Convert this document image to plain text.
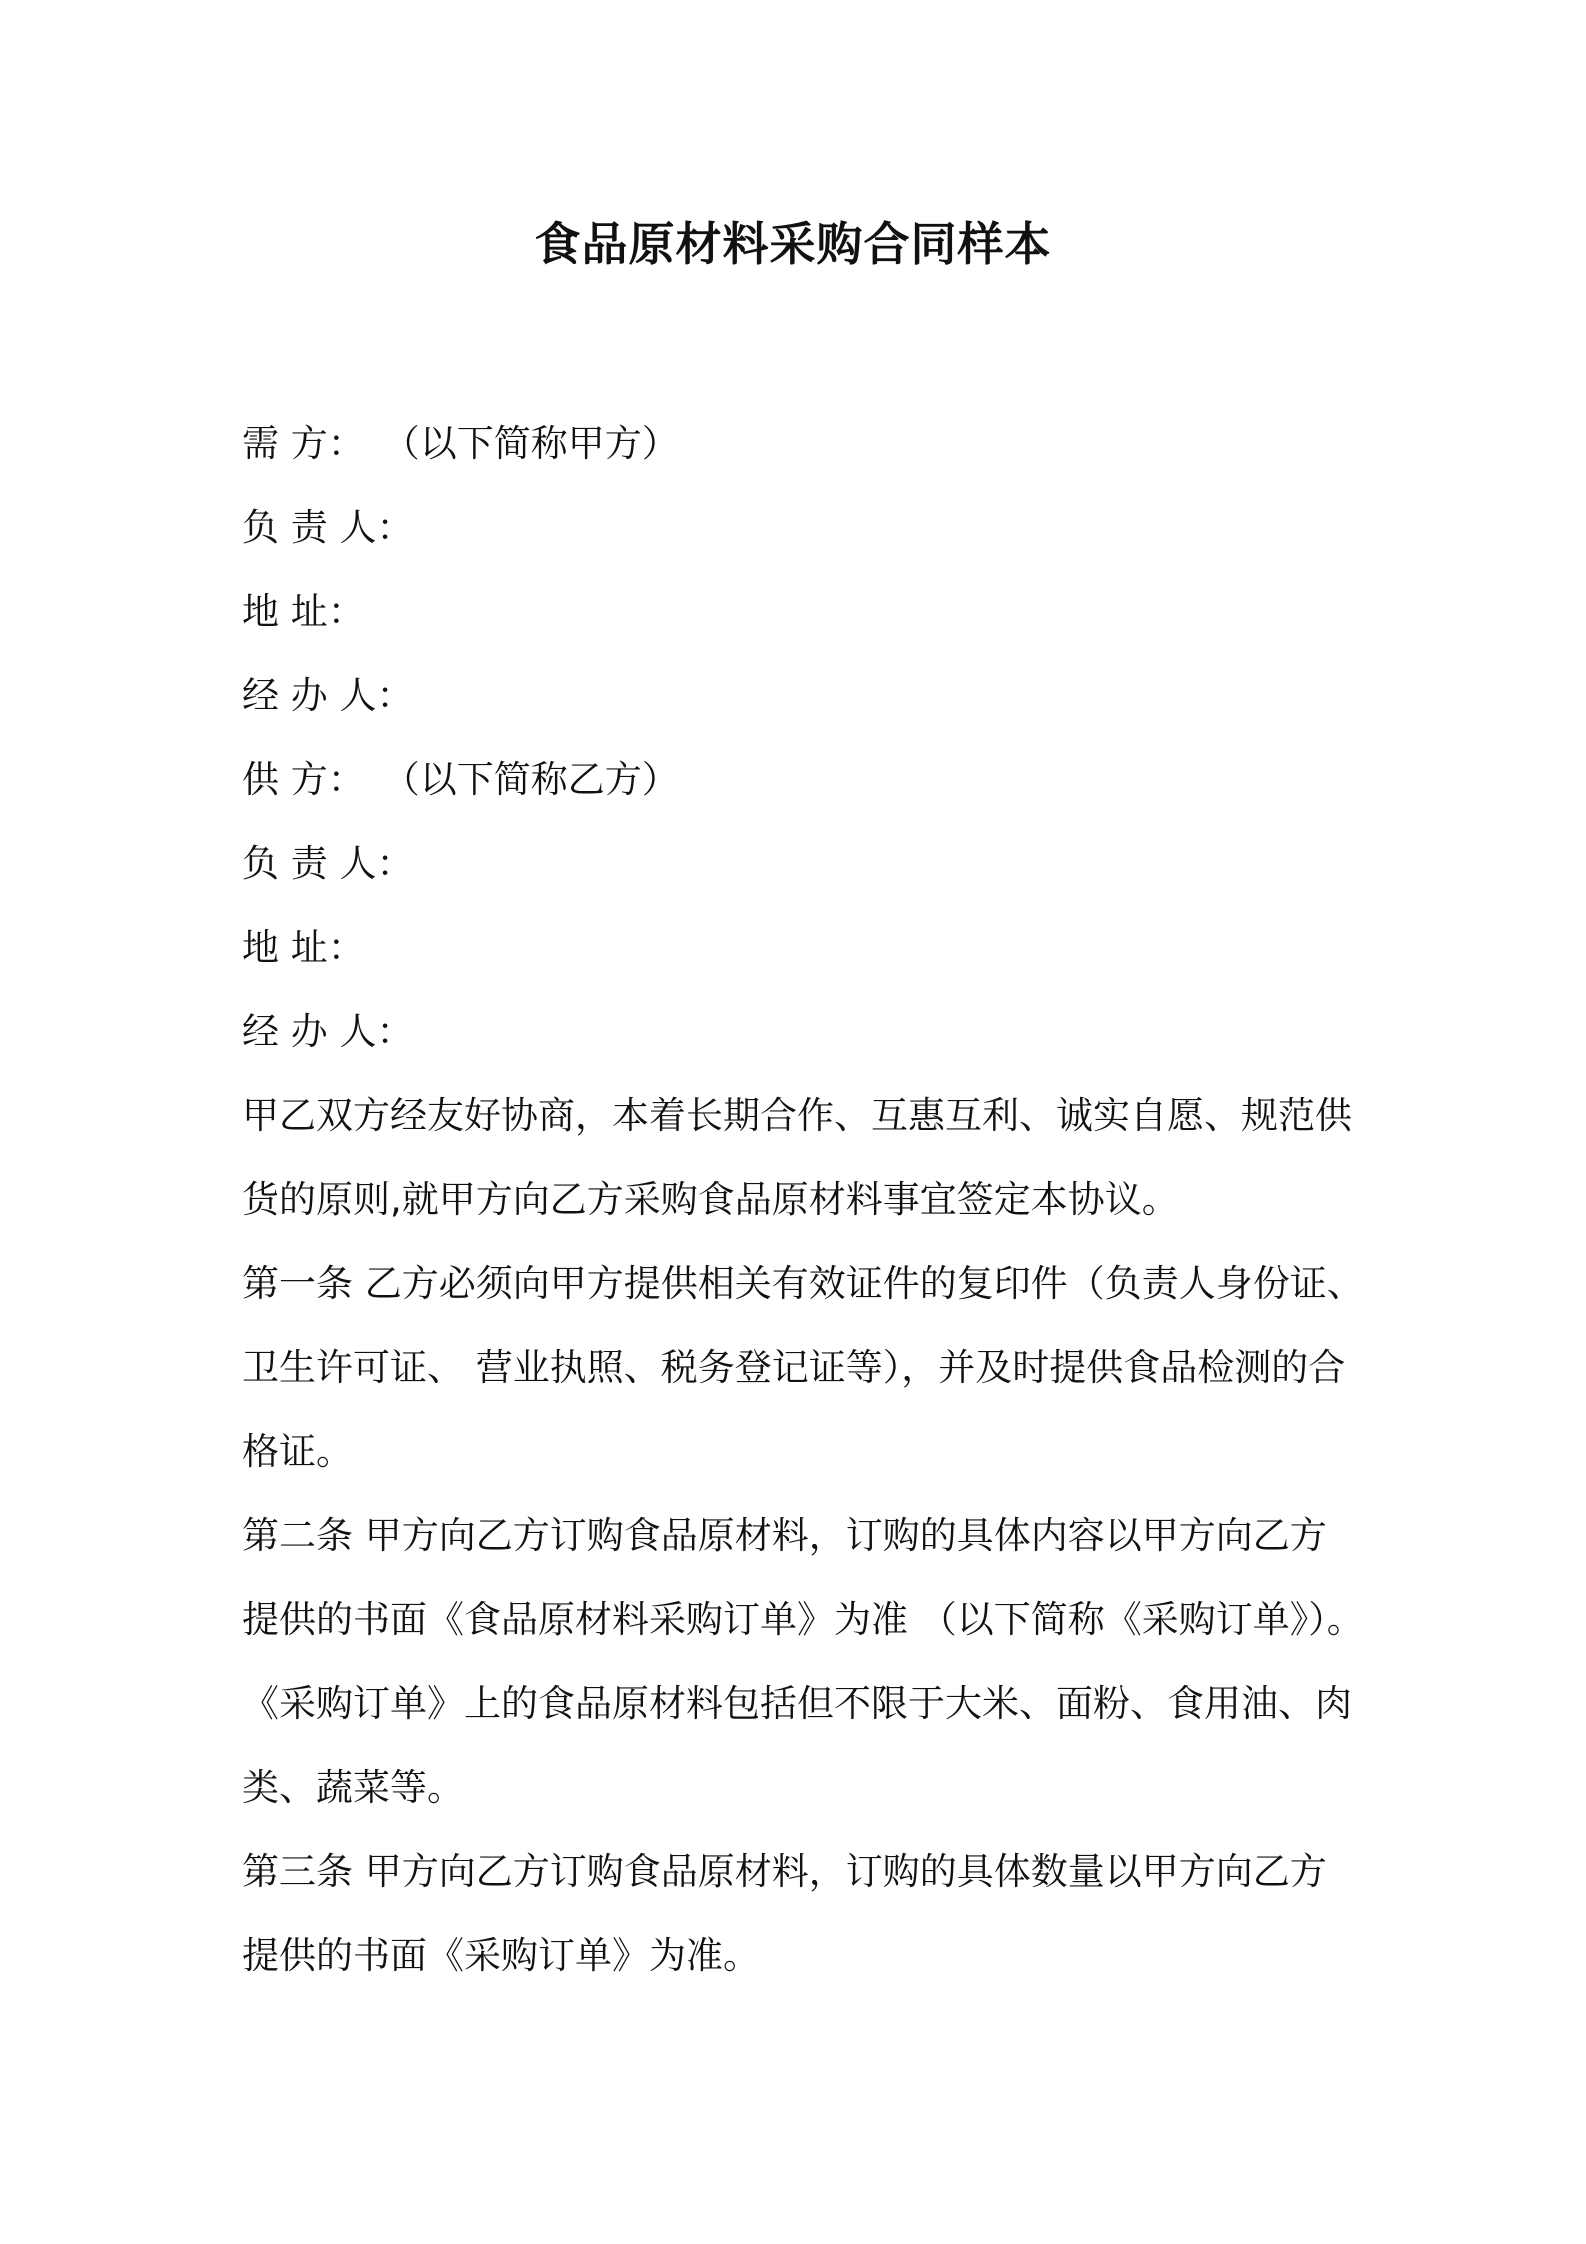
食品原材料采购合同样本
需 方： （以下简称甲方）
负 责 人：
地 址：
经 办 人：
供 方： （以下简称乙方）
负 责 人：
地 址：
经 办 人：
甲乙双方经友好协商，本着长期合作、互惠互利、诚实自愿、规范供
货的原则,就甲方向乙方采购食品原材料事宜签定本协议。
第一条 乙方必须向甲方提供相关有效证件的复印件（负责人身份证、
卫生许可证、 营业执照、税务登记证等），并及时提供食品检测的合
格证。
第二条 甲方向乙方订购食品原材料，订购的具体内容以甲方向乙方
提供的书面《食品原材料采购订单》为准 （以下简称《采购订单》）。
《采购订单》上的食品原材料包括但不限于大米、面粉、食用油、肉
类、蔬菜等。
第三条 甲方向乙方订购食品原材料，订购的具体数量以甲方向乙方
提供的书面《采购订单》为准。
